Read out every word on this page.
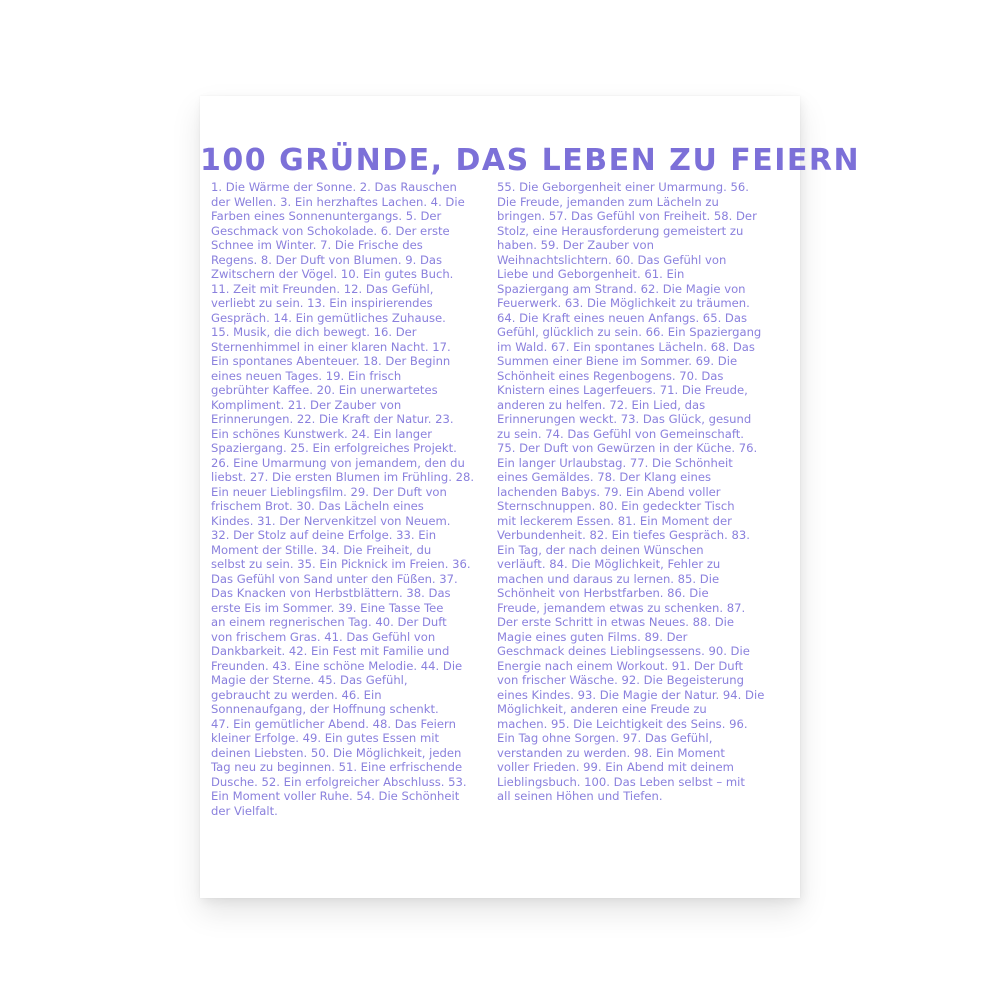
100 GRÜNDE, DAS LEBEN ZU FEIERN
1. Die Wärme der Sonne. 2. Das Rauschen
der Wellen. 3. Ein herzhaftes Lachen. 4. Die
Farben eines Sonnenuntergangs. 5. Der
Geschmack von Schokolade. 6. Der erste
Schnee im Winter. 7. Die Frische des
Regens. 8. Der Duft von Blumen. 9. Das
Zwitschern der Vögel. 10. Ein gutes Buch.
11. Zeit mit Freunden. 12. Das Gefühl,
verliebt zu sein. 13. Ein inspirierendes
Gespräch. 14. Ein gemütliches Zuhause.
15. Musik, die dich bewegt. 16. Der
Sternenhimmel in einer klaren Nacht. 17.
Ein spontanes Abenteuer. 18. Der Beginn
eines neuen Tages. 19. Ein frisch
gebrühter Kaffee. 20. Ein unerwartetes
Kompliment. 21. Der Zauber von
Erinnerungen. 22. Die Kraft der Natur. 23.
Ein schönes Kunstwerk. 24. Ein langer
Spaziergang. 25. Ein erfolgreiches Projekt.
26. Eine Umarmung von jemandem, den du
liebst. 27. Die ersten Blumen im Frühling. 28.
Ein neuer Lieblingsfilm. 29. Der Duft von
frischem Brot. 30. Das Lächeln eines
Kindes. 31. Der Nervenkitzel von Neuem.
32. Der Stolz auf deine Erfolge. 33. Ein
Moment der Stille. 34. Die Freiheit, du
selbst zu sein. 35. Ein Picknick im Freien. 36.
Das Gefühl von Sand unter den Füßen. 37.
Das Knacken von Herbstblättern. 38. Das
erste Eis im Sommer. 39. Eine Tasse Tee
an einem regnerischen Tag. 40. Der Duft
von frischem Gras. 41. Das Gefühl von
Dankbarkeit. 42. Ein Fest mit Familie und
Freunden. 43. Eine schöne Melodie. 44. Die
Magie der Sterne. 45. Das Gefühl,
gebraucht zu werden. 46. Ein
Sonnenaufgang, der Hoffnung schenkt.
47. Ein gemütlicher Abend. 48. Das Feiern
kleiner Erfolge. 49. Ein gutes Essen mit
deinen Liebsten. 50. Die Möglichkeit, jeden
Tag neu zu beginnen. 51. Eine erfrischende
Dusche. 52. Ein erfolgreicher Abschluss. 53.
Ein Moment voller Ruhe. 54. Die Schönheit
der Vielfalt.
55. Die Geborgenheit einer Umarmung. 56.
Die Freude, jemanden zum Lächeln zu
bringen. 57. Das Gefühl von Freiheit. 58. Der
Stolz, eine Herausforderung gemeistert zu
haben. 59. Der Zauber von
Weihnachtslichtern. 60. Das Gefühl von
Liebe und Geborgenheit. 61. Ein
Spaziergang am Strand. 62. Die Magie von
Feuerwerk. 63. Die Möglichkeit zu träumen.
64. Die Kraft eines neuen Anfangs. 65. Das
Gefühl, glücklich zu sein. 66. Ein Spaziergang
im Wald. 67. Ein spontanes Lächeln. 68. Das
Summen einer Biene im Sommer. 69. Die
Schönheit eines Regenbogens. 70. Das
Knistern eines Lagerfeuers. 71. Die Freude,
anderen zu helfen. 72. Ein Lied, das
Erinnerungen weckt. 73. Das Glück, gesund
zu sein. 74. Das Gefühl von Gemeinschaft.
75. Der Duft von Gewürzen in der Küche. 76.
Ein langer Urlaubstag. 77. Die Schönheit
eines Gemäldes. 78. Der Klang eines
lachenden Babys. 79. Ein Abend voller
Sternschnuppen. 80. Ein gedeckter Tisch
mit leckerem Essen. 81. Ein Moment der
Verbundenheit. 82. Ein tiefes Gespräch. 83.
Ein Tag, der nach deinen Wünschen
verläuft. 84. Die Möglichkeit, Fehler zu
machen und daraus zu lernen. 85. Die
Schönheit von Herbstfarben. 86. Die
Freude, jemandem etwas zu schenken. 87.
Der erste Schritt in etwas Neues. 88. Die
Magie eines guten Films. 89. Der
Geschmack deines Lieblingsessens. 90. Die
Energie nach einem Workout. 91. Der Duft
von frischer Wäsche. 92. Die Begeisterung
eines Kindes. 93. Die Magie der Natur. 94. Die
Möglichkeit, anderen eine Freude zu
machen. 95. Die Leichtigkeit des Seins. 96.
Ein Tag ohne Sorgen. 97. Das Gefühl,
verstanden zu werden. 98. Ein Moment
voller Frieden. 99. Ein Abend mit deinem
Lieblingsbuch. 100. Das Leben selbst – mit
all seinen Höhen und Tiefen.
